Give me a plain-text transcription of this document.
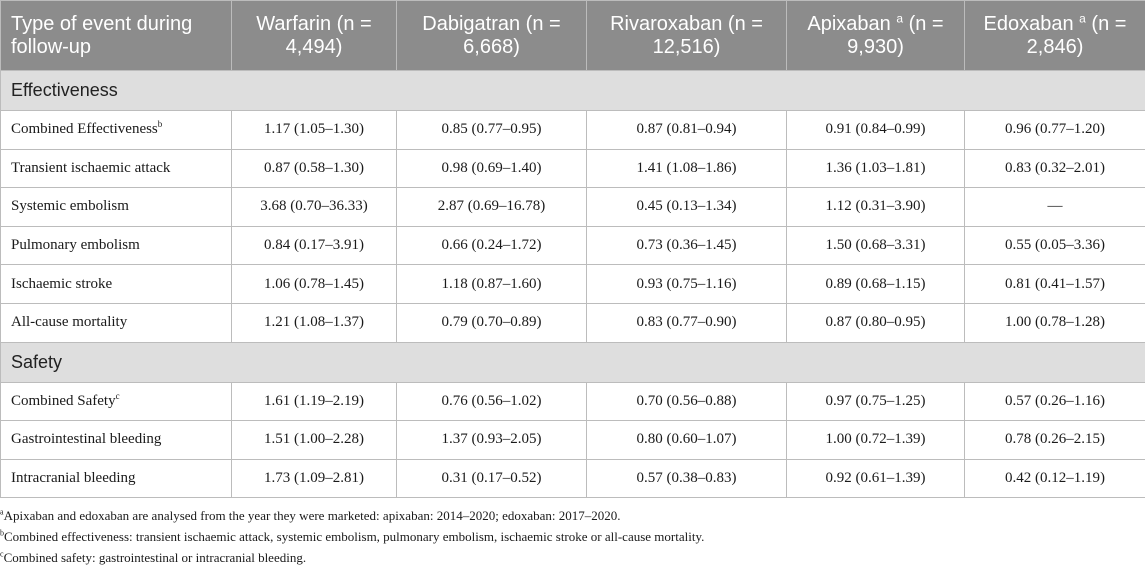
Type of event during follow-up	Warfarin (n = 4,494)	Dabigatran (n = 6,668)	Rivaroxaban (n = 12,516)	Apixaban $^a$ (n = 9,930)	Edoxaban $^a$ (n = 2,846)
Effectiveness					
Combined Effectiveness$^b$	1.17 (1.05–1.30)	0.85 (0.77–0.95)	0.87 (0.81–0.94)	0.91 (0.84–0.99)	0.96 (0.77–1.20)
Transient ischaemic attack	0.87 (0.58–1.30)	0.98 (0.69–1.40)	1.41 (1.08–1.86)	1.36 (1.03–1.81)	0.83 (0.32–2.01)
Systemic embolism	3.68 (0.70–36.33)	2.87 (0.69–16.78)	0.45 (0.13–1.34)	1.12 (0.31–3.90)	—
Pulmonary embolism	0.84 (0.17–3.91)	0.66 (0.24–1.72)	0.73 (0.36–1.45)	1.50 (0.68–3.31)	0.55 (0.05–3.36)
Ischaemic stroke	1.06 (0.78–1.45)	1.18 (0.87–1.60)	0.93 (0.75–1.16)	0.89 (0.68–1.15)	0.81 (0.41–1.57)
All-cause mortality	1.21 (1.08–1.37)	0.79 (0.70–0.89)	0.83 (0.77–0.90)	0.87 (0.80–0.95)	1.00 (0.78–1.28)
Safety					
Combined Safety$^c$	1.61 (1.19–2.19)	0.76 (0.56–1.02)	0.70 (0.56–0.88)	0.97 (0.75–1.25)	0.57 (0.26–1.16)
Gastrointestinal bleeding	1.51 (1.00–2.28)	1.37 (0.93–2.05)	0.80 (0.60–1.07)	1.00 (0.72–1.39)	0.78 (0.26–2.15)
Intracranial bleeding	1.73 (1.09–2.81)	0.31 (0.17–0.52)	0.57 (0.38–0.83)	0.92 (0.61–1.39)	0.42 (0.12–1.19)
$^a$Apixaban and edoxaban are analysed from the year they were marketed: apixaban: 2014–2020; edoxaban: 2017–2020.
$^b$Combined effectiveness: transient ischaemic attack, systemic embolism, pulmonary embolism, ischaemic stroke or all-cause mortality.
$^c$Combined safety: gastrointestinal or intracranial bleeding.
